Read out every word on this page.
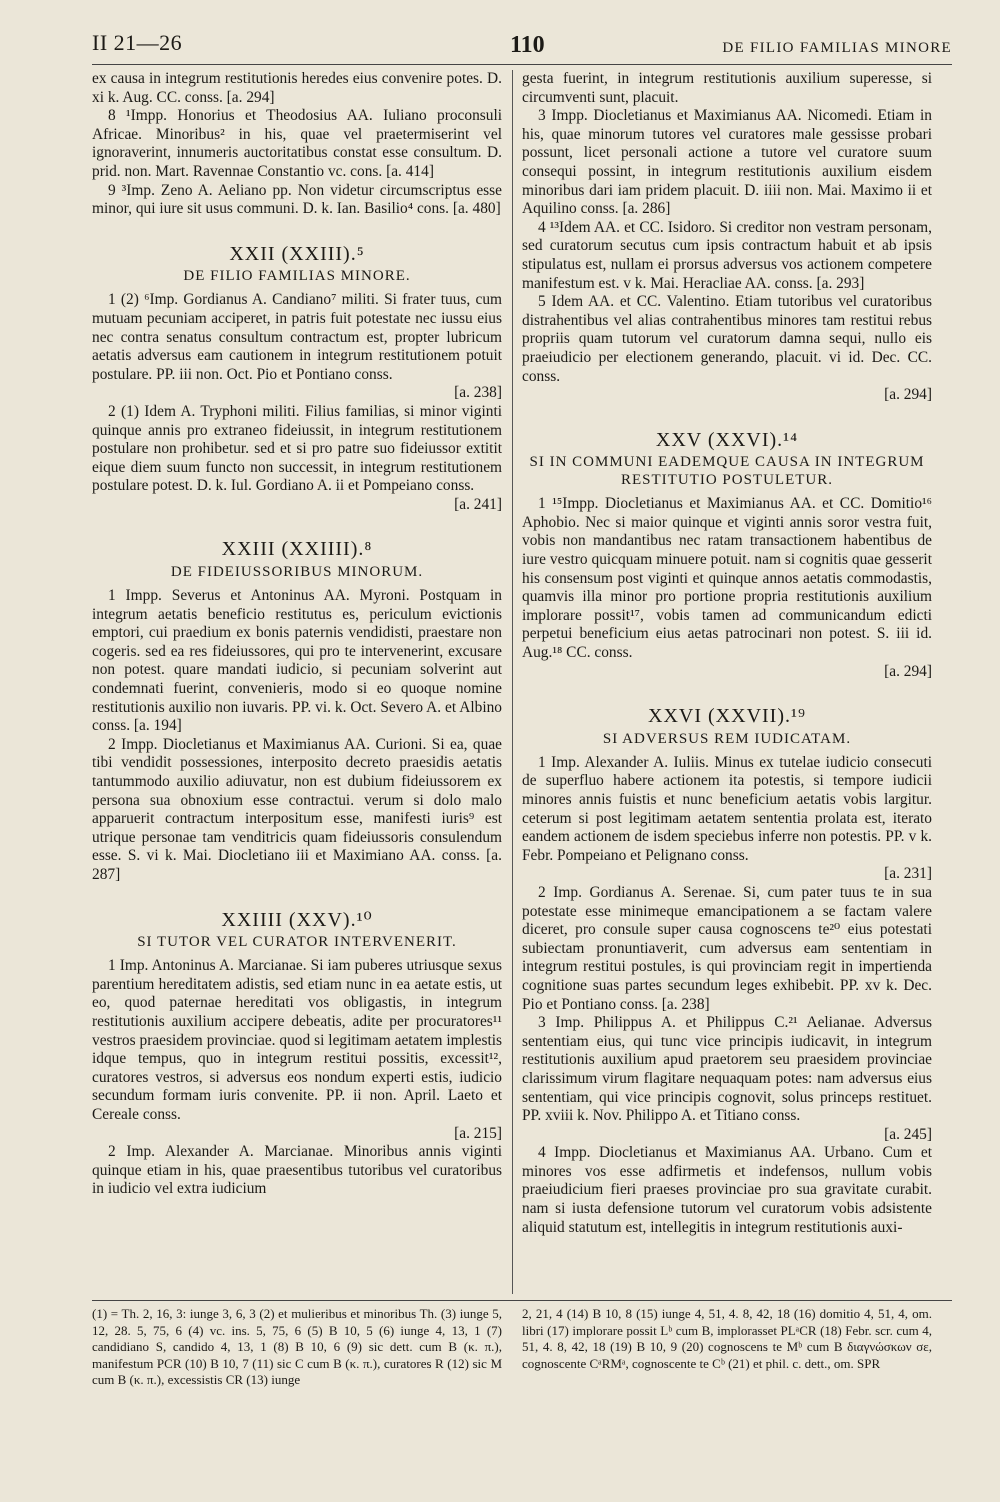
II 21—26	110	DE FILIO FAMILIAS MINORE

ex causa in integrum restitutionis heredes eius convenire potes. D. xi k. Aug. CC. conss. [a. 294]

8 ¹Impp. Honorius et Theodosius AA. Iuliano proconsuli Africae. Minoribus² in his, quae vel praetermiserint vel ignoraverint, innumeris auctoritatibus constat esse consultum. D. prid. non. Mart. Ravennae Constantio vc. cons. [a. 414]

9 ³Imp. Zeno A. Aeliano pp. Non videtur circumscriptus esse minor, qui iure sit usus communi. D. k. Ian. Basilio⁴ cons. [a. 480]

XXII (XXIII).⁵
DE FILIO FAMILIAS MINORE.

1 (2) ⁶Imp. Gordianus A. Candiano⁷ militi. Si frater tuus, cum mutuam pecuniam acciperet, in patris fuit potestate nec iussu eius nec contra senatus consultum contractum est, propter lubricum aetatis adversus eam cautionem in integrum restitutionem potuit postulare. PP. iii non. Oct. Pio et Pontiano conss.

[a. 238]

2 (1) Idem A. Tryphoni militi. Filius familias, si minor viginti quinque annis pro extraneo fideiussit, in integrum restitutionem postulare non prohibetur. sed et si pro patre suo fideiussor extitit eique diem suum functo non successit, in integrum restitutionem postulare potest. D. k. Iul. Gordiano A. ii et Pompeiano conss.

[a. 241]

XXIII (XXIIII).⁸
DE FIDEIUSSORIBUS MINORUM.

1 Impp. Severus et Antoninus AA. Myroni. Postquam in integrum aetatis beneficio restitutus es, periculum evictionis emptori, cui praedium ex bonis paternis vendidisti, praestare non cogeris. sed ea res fideiussores, qui pro te intervenerint, excusare non potest. quare mandati iudicio, si pecuniam solverint aut condemnati fuerint, convenieris, modo si eo quoque nomine restitutionis auxilio non iuvaris. PP. vi. k. Oct. Severo A. et Albino conss. [a. 194]

2 Impp. Diocletianus et Maximianus AA. Curioni. Si ea, quae tibi vendidit possessiones, interposito decreto praesidis aetatis tantummodo auxilio adiuvatur, non est dubium fideiussorem ex persona sua obnoxium esse contractui. verum si dolo malo apparuerit contractum interpositum esse, manifesti iuris⁹ est utrique personae tam venditricis quam fideiussoris consulendum esse. S. vi k. Mai. Diocletiano iii et Maximiano AA. conss. [a. 287]

XXIIII (XXV).¹⁰
SI TUTOR VEL CURATOR INTERVENERIT.

1 Imp. Antoninus A. Marcianae. Si iam puberes utriusque sexus parentium hereditatem adistis, sed etiam nunc in ea aetate estis, ut eo, quod paternae hereditati vos obligastis, in integrum restitutionis auxilium accipere debeatis, adite per procuratores¹¹ vestros praesidem provinciae. quod si legitimam aetatem implestis idque tempus, quo in integrum restitui possitis, excessit¹², curatores vestros, si adversus eos nondum experti estis, iudicio secundum formam iuris convenite. PP. ii non. April. Laeto et Cereale conss.

[a. 215]

2 Imp. Alexander A. Marcianae. Minoribus annis viginti quinque etiam in his, quae praesentibus tutoribus vel curatoribus in iudicio vel extra iudicium

gesta fuerint, in integrum restitutionis auxilium superesse, si circumventi sunt, placuit.

3 Impp. Diocletianus et Maximianus AA. Nicomedi. Etiam in his, quae minorum tutores vel curatores male gessisse probari possunt, licet personali actione a tutore vel curatore suum consequi possint, in integrum restitutionis auxilium eisdem minoribus dari iam pridem placuit. D. iiii non. Mai. Maximo ii et Aquilino conss. [a. 286]

4 ¹³Idem AA. et CC. Isidoro. Si creditor non vestram personam, sed curatorum secutus cum ipsis contractum habuit et ab ipsis stipulatus est, nullam ei prorsus adversus vos actionem competere manifestum est. v k. Mai. Heracliae AA. conss. [a. 293]

5 Idem AA. et CC. Valentino. Etiam tutoribus vel curatoribus distrahentibus vel alias contrahentibus minores tam restitui rebus propriis quam tutorum vel curatorum damna sequi, nullo eis praeiudicio per electionem generando, placuit. vi id. Dec. CC. conss.

[a. 294]

XXV (XXVI).¹⁴
SI IN COMMUNI EADEMQUE CAUSA IN INTEGRUM RESTITUTIO POSTULETUR.

1 ¹⁵Impp. Diocletianus et Maximianus AA. et CC. Domitio¹⁶ Aphobio. Nec si maior quinque et viginti annis soror vestra fuit, vobis non mandantibus nec ratam transactionem habentibus de iure vestro quicquam minuere potuit. nam si cognitis quae gesserit his consensum post viginti et quinque annos aetatis commodastis, quamvis illa minor pro portione propria restitutionis auxilium implorare possit¹⁷, vobis tamen ad communicandum edicti perpetui beneficium eius aetas patrocinari non potest. S. iii id. Aug.¹⁸ CC. conss.

[a. 294]

XXVI (XXVII).¹⁹
SI ADVERSUS REM IUDICATAM.

1 Imp. Alexander A. Iuliis. Minus ex tutelae iudicio consecuti de superfluo habere actionem ita potestis, si tempore iudicii minores annis fuistis et nunc beneficium aetatis vobis largitur. ceterum si post legitimam aetatem sententia prolata est, iterato eandem actionem de isdem speciebus inferre non potestis. PP. v k. Febr. Pompeiano et Pelignano conss.

[a. 231]

2 Imp. Gordianus A. Serenae. Si, cum pater tuus te in sua potestate esse minimeque emancipationem a se factam valere diceret, pro consule super causa cognoscens te²⁰ eius potestati subiectam pronuntiaverit, cum adversus eam sententiam in integrum restitui postules, is qui provinciam regit in impertienda cognitione suas partes secundum leges exhibebit. PP. xv k. Dec. Pio et Pontiano conss. [a. 238]

3 Imp. Philippus A. et Philippus C.²¹ Aelianae. Adversus sententiam eius, qui tunc vice principis iudicavit, in integrum restitutionis auxilium apud praetorem seu praesidem provinciae clarissimum virum flagitare nequaquam potes: nam adversus eius sententiam, qui vice principis cognovit, solus princeps restituet. PP. xviii k. Nov. Philippo A. et Titiano conss.

[a. 245]

4 Impp. Diocletianus et Maximianus AA. Urbano. Cum et minores vos esse adfirmetis et indefensos, nullum vobis praeiudicium fieri praeses provinciae pro sua gravitate curabit. nam si iusta defensione tutorum vel curatorum vobis adsistente aliquid statutum est, intellegitis in integrum restitutionis auxi-

(1) = Th. 2, 16, 3: iunge 3, 6, 3 (2) et mulieribus et minoribus Th. (3) iunge 5, 12, 28. 5, 75, 6 (4) vc. ins. 5, 75, 6 (5) B 10, 5 (6) iunge 4, 13, 1 (7) candidiano S, candido 4, 13, 1 (8) B 10, 6 (9) sic dett. cum B (κ. π.), manifestum PCR (10) B 10, 7 (11) sic C cum B (κ. π.), curatores R (12) sic M cum B (κ. π.), excessistis CR (13) iunge

2, 21, 4 (14) B 10, 8 (15) iunge 4, 51, 4. 8, 42, 18 (16) domitio 4, 51, 4, om. libri (17) implorare possit Lᵇ cum B, implorasset PLᵃCR (18) Febr. scr. cum 4, 51, 4. 8, 42, 18 (19) B 10, 9 (20) cognoscens te Mᵇ cum B διαγνώσκων σε, cognoscente CᵃRMᵃ, cognoscente te Cᵇ (21) et phil. c. dett., om. SPR
